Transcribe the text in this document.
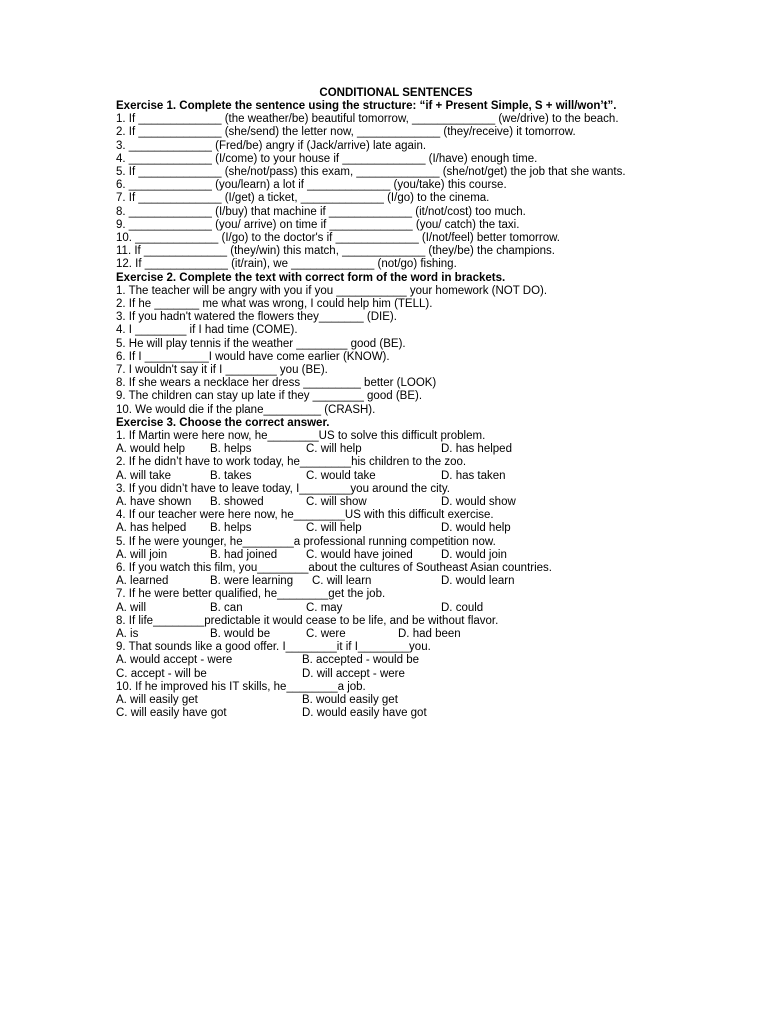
CONDITIONAL SENTENCES
Exercise 1. Complete the sentence using the structure: “if + Present Simple, S + will/won’t”.
1. If _____________ (the weather/be) beautiful tomorrow, _____________ (we/drive) to the beach.
2. If _____________ (she/send) the letter now, _____________ (they/receive) it tomorrow.
3. _____________ (Fred/be) angry if (Jack/arrive) late again.
4. _____________ (I/come) to your house if _____________ (I/have) enough time.
5. If _____________ (she/not/pass) this exam, _____________ (she/not/get) the job that she wants.
6. _____________ (you/learn) a lot if _____________ (you/take) this course.
7. If _____________ (I/get) a ticket, _____________ (I/go) to the cinema.
8. _____________ (I/buy) that machine if _____________ (it/not/cost) too much.
9. _____________ (you/ arrive) on time if _____________ (you/ catch) the taxi.
10. _____________ (I/go) to the doctor's if _____________ (I/not/feel) better tomorrow.
11. If _____________ (they/win) this match, _____________ (they/be) the champions.
12. If _____________ (it/rain), we _____________ (not/go) fishing.
Exercise 2. Complete the text with correct form of the word in brackets.
1. The teacher will be angry with you if you ___________ your homework (NOT DO).
2. If he _______ me what was wrong, I could help him (TELL).
3. If you hadn't watered the flowers they_______ (DIE).
4. I ________ if I had time (COME).
5. He will play tennis if the weather ________ good (BE).
6. If I __________I would have come earlier (KNOW).
7. I wouldn't say it if I ________ you (BE).
8. If she wears a necklace her dress _________ better (LOOK)
9. The children can stay up late if they ________ good (BE).
10. We would die if the plane_________ (CRASH).
Exercise 3. Choose the correct answer.
1. If Martin were here now, he________US to solve this difficult problem.
A. would help B. helps	C. will help	D. has helped
2. If he didn’t have to work today, he________his children to the zoo.
A. will take	B. takes	C. would take	D. has taken
3. If you didn’t have to leave today, I________you around the city.
A. have shown B. showed	C. will show	D. would show
4. If our teacher were here now, he________US with this difficult exercise.
A. has helped B. helps	C. will help	D. would help
5. If he were younger, he________a professional running competition now.
A. will join	B. had joined	C. would have joined D. would join
6. If you watch this film, you________about the cultures of Southeast Asian countries.
A. learned	B. were learning C. will learn	D. would learn
7. If he were better qualified, he________get the job.
A. will	B. can	C. may	D. could
8. If life________predictable it would cease to be life, and be without flavor.
A. is	B. would be	C. were	D. had been
9. That sounds like a good offer. I________it if I________you.
A. would accept - were	B. accepted - would be
C. accept - will be	D. will accept - were
10. If he improved his IT skills, he________a job.
A. will easily get	B. would easily get
C. will easily have got	D. would easily have got
